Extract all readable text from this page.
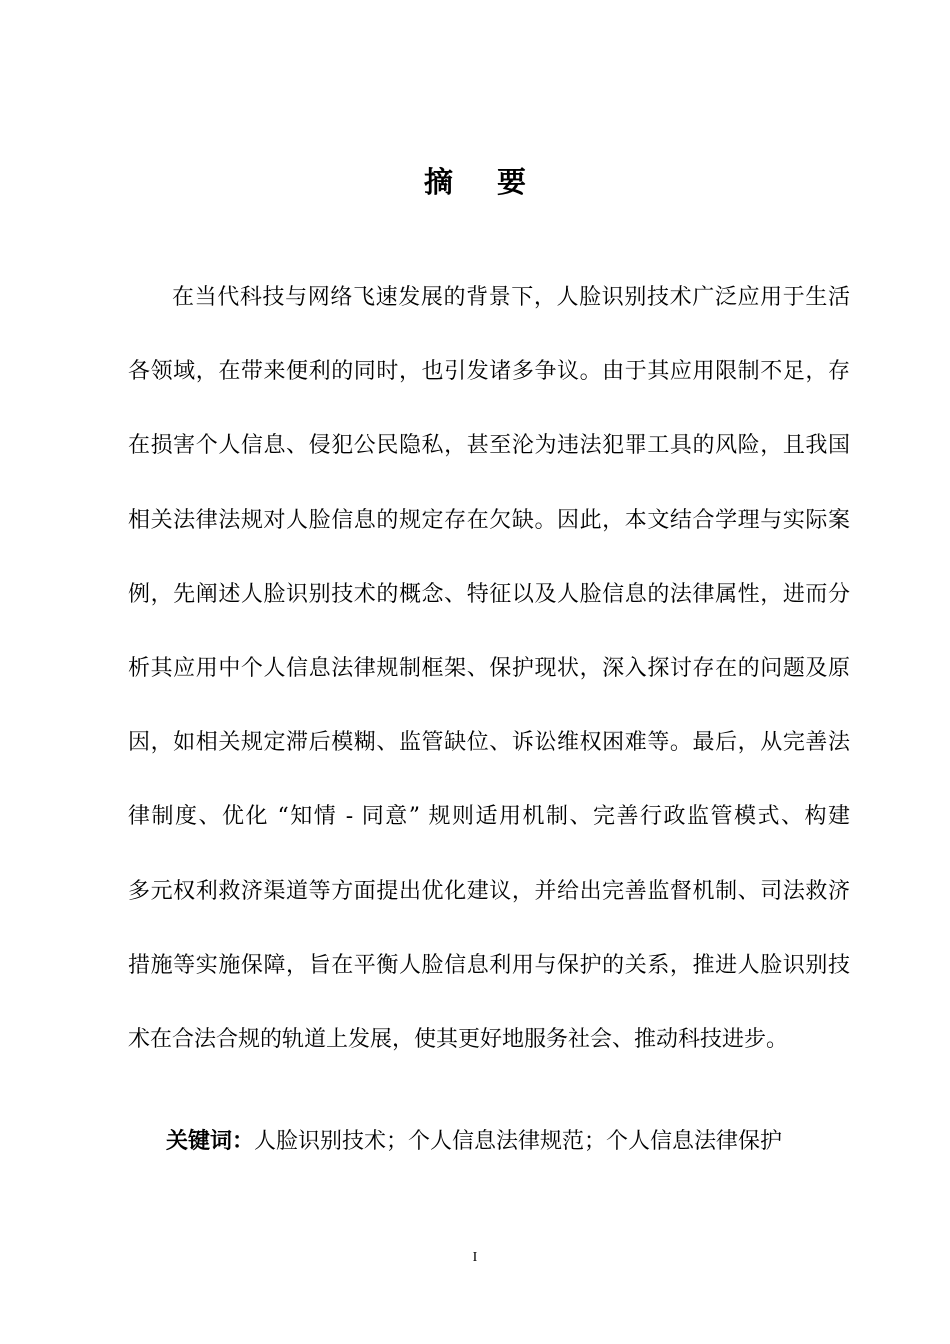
摘 要
在当代科技与网络飞速发展的背景下，人脸识别技术广泛应用于生活
各领域，在带来便利的同时，也引发诸多争议。由于其应用限制不足，存
在损害个人信息、侵犯公民隐私，甚至沦为违法犯罪工具的风险，且我国
相关法律法规对人脸信息的规定存在欠缺。因此，本文结合学理与实际案
例，先阐述人脸识别技术的概念、特征以及人脸信息的法律属性，进而分
析其应用中个人信息法律规制框架、保护现状，深入探讨存在的问题及原
因，如相关规定滞后模糊、监管缺位、诉讼维权困难等。最后，从完善法
律制度、优化 “知情 - 同意” 规则适用机制、完善行政监管模式、构建
多元权利救济渠道等方面提出优化建议，并给出完善监督机制、司法救济
措施等实施保障，旨在平衡人脸信息利用与保护的关系，推进人脸识别技
术在合法合规的轨道上发展，使其更好地服务社会、推动科技进步。
关键词：人脸识别技术；个人信息法律规范；个人信息法律保护
I
